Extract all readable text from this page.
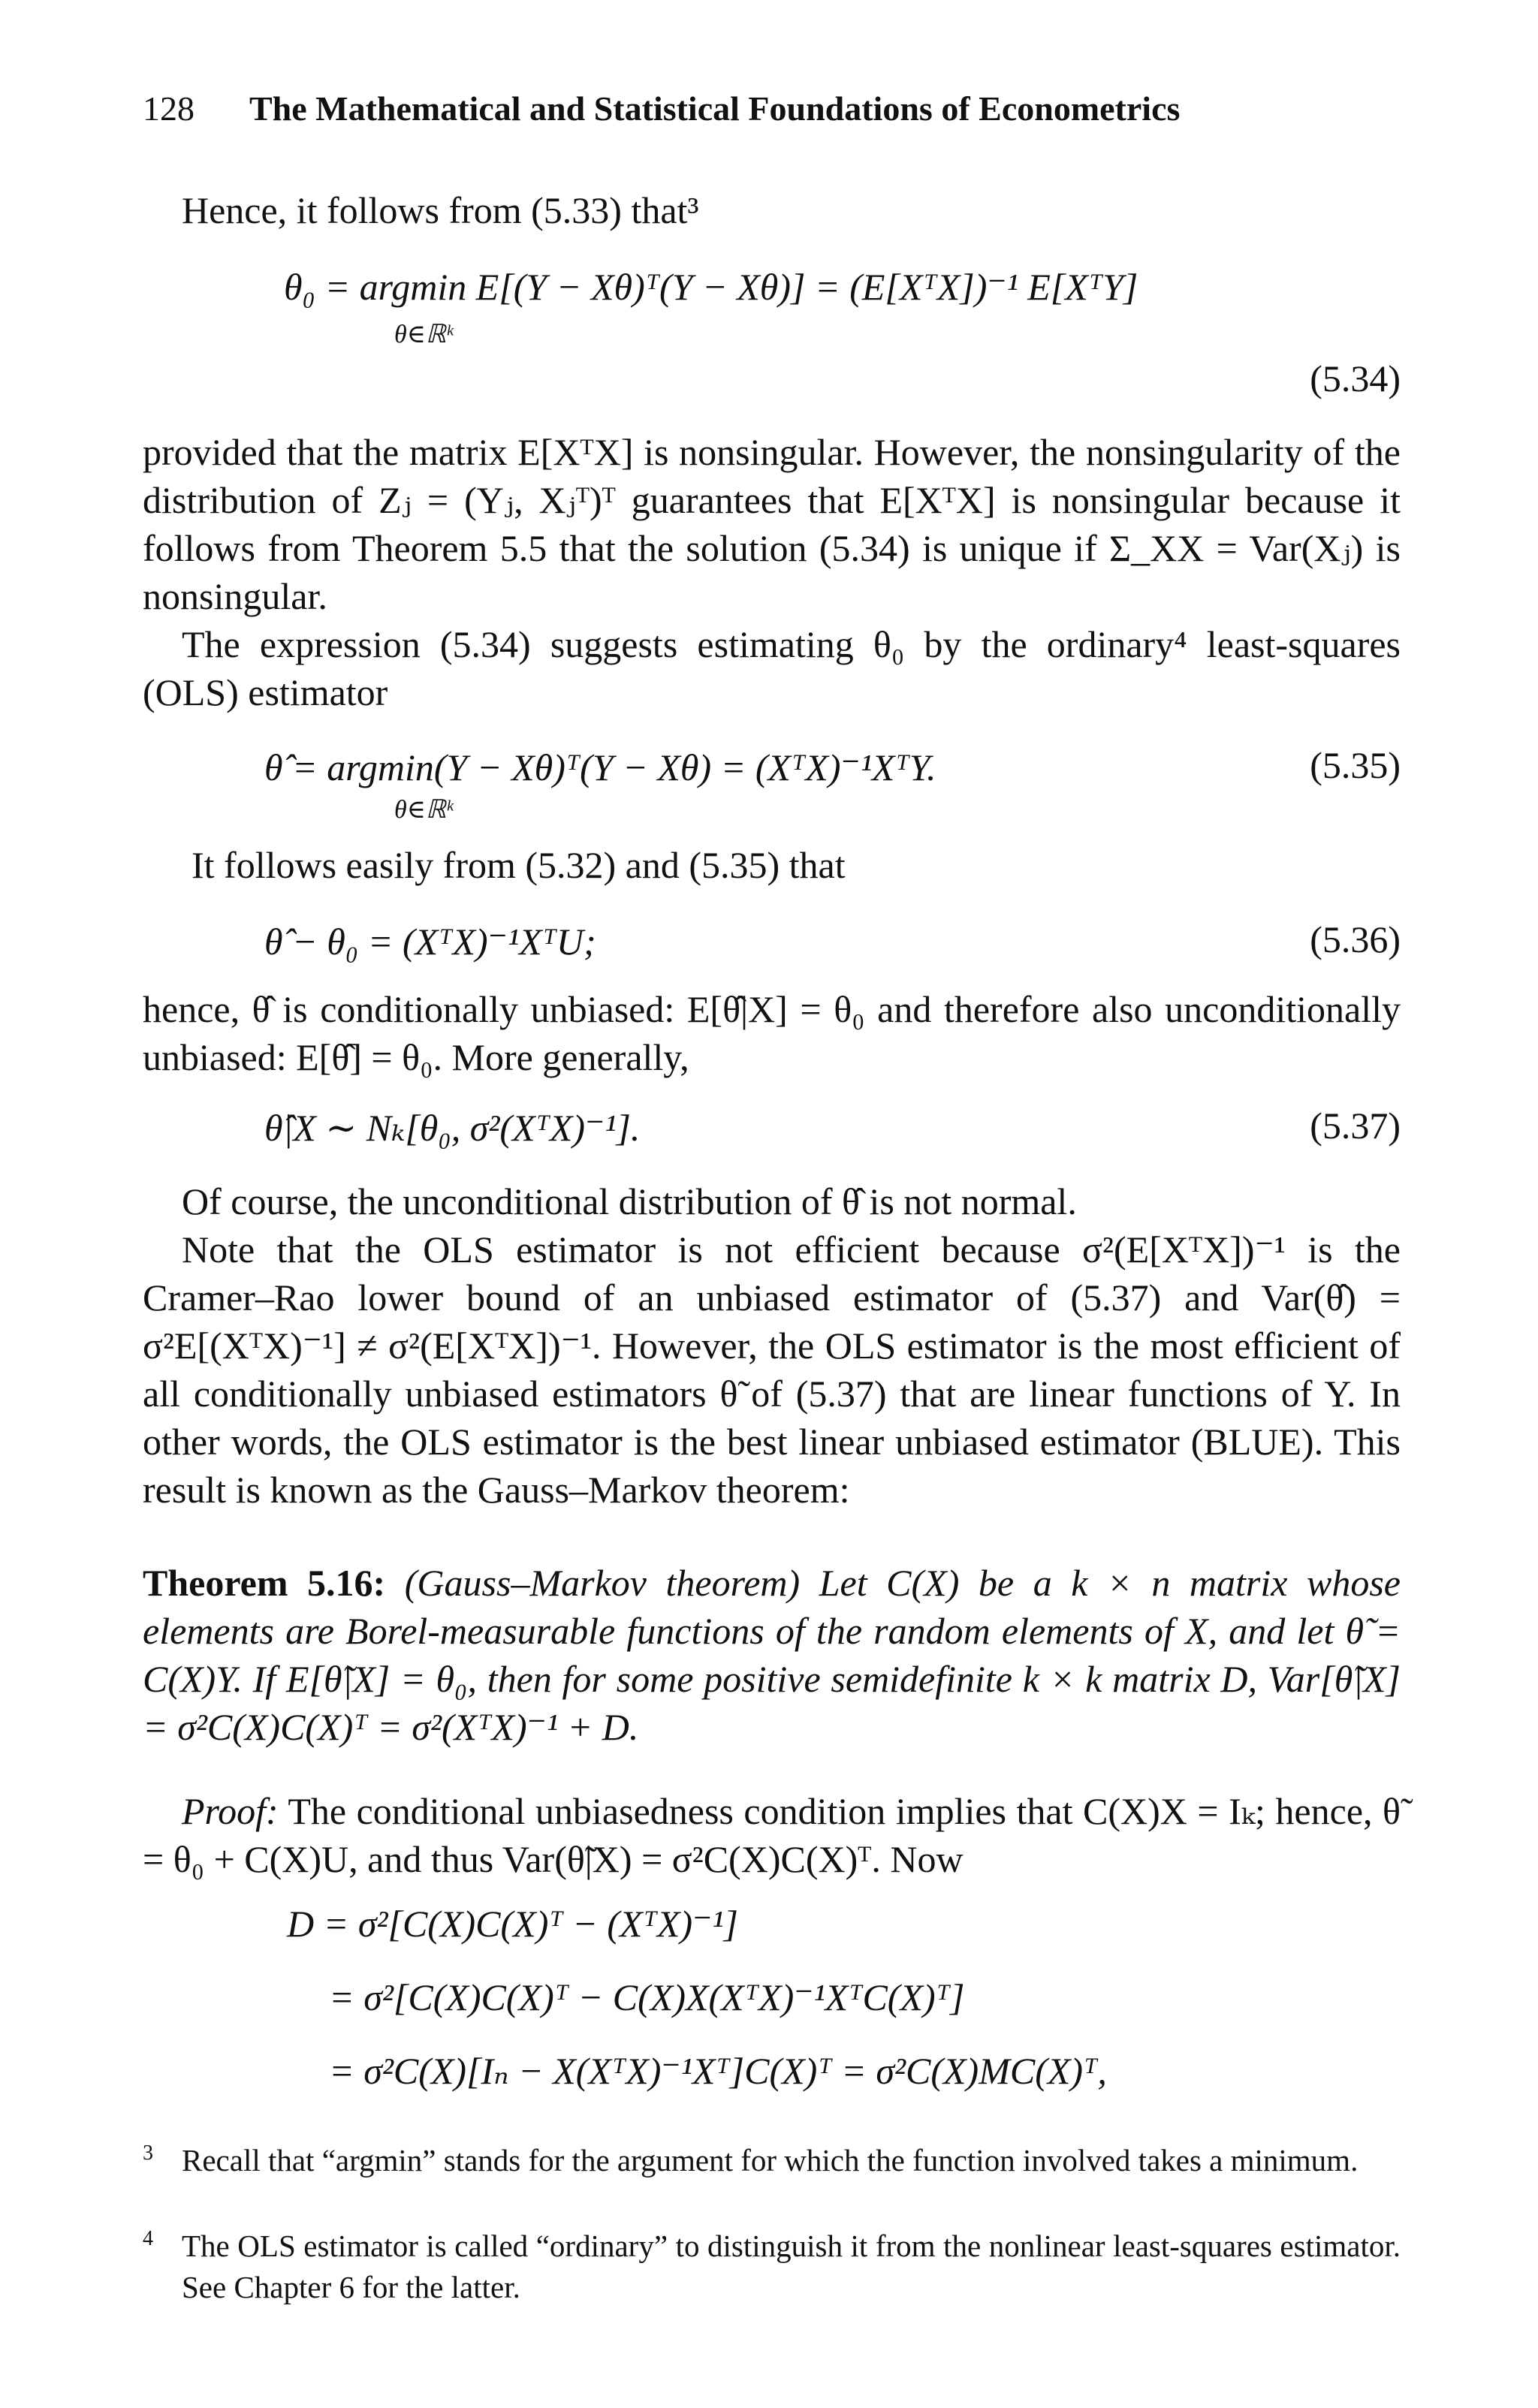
128 The Mathematical and Statistical Foundations of Econometrics
Hence, it follows from (5.33) that³
θ₀ = argmin E[(Y − Xθ)ᵀ(Y − Xθ)] = (E[XᵀX])⁻¹ E[XᵀY]
θ∈ℝᵏ
(5.34)
provided that the matrix E[XᵀX] is nonsingular. However, the nonsingularity of the distribution of Zⱼ = (Yⱼ, Xⱼᵀ)ᵀ guarantees that E[XᵀX] is nonsingular because it follows from Theorem 5.5 that the solution (5.34) is unique if Σ_XX = Var(Xⱼ) is nonsingular.
The expression (5.34) suggests estimating θ₀ by the ordinary⁴ least-squares (OLS) estimator
θ̂ = argmin(Y − Xθ)ᵀ(Y − Xθ) = (XᵀX)⁻¹XᵀY.
θ∈ℝᵏ
(5.35)
It follows easily from (5.32) and (5.35) that
θ̂ − θ₀ = (XᵀX)⁻¹XᵀU;	(5.36)
hence, θ̂ is conditionally unbiased: E[θ̂|X] = θ₀ and therefore also unconditionally unbiased: E[θ̂] = θ₀. More generally,
θ̂|X ∼ Nₖ[θ₀, σ²(XᵀX)⁻¹].	(5.37)
Of course, the unconditional distribution of θ̂ is not normal.
Note that the OLS estimator is not efficient because σ²(E[XᵀX])⁻¹ is the Cramer–Rao lower bound of an unbiased estimator of (5.37) and Var(θ̂) = σ²E[(XᵀX)⁻¹] ≠ σ²(E[XᵀX])⁻¹. However, the OLS estimator is the most efficient of all conditionally unbiased estimators θ̃ of (5.37) that are linear functions of Y. In other words, the OLS estimator is the best linear unbiased estimator (BLUE). This result is known as the Gauss–Markov theorem:
Theorem 5.16: (Gauss–Markov theorem) Let C(X) be a k × n matrix whose elements are Borel-measurable functions of the random elements of X, and let θ̃ = C(X)Y. If E[θ̃|X] = θ₀, then for some positive semidefinite k × k matrix D, Var[θ̃|X] = σ²C(X)C(X)ᵀ = σ²(XᵀX)⁻¹ + D.
Proof: The conditional unbiasedness condition implies that C(X)X = Iₖ; hence, θ̃ = θ₀ + C(X)U, and thus Var(θ̃|X) = σ²C(X)C(X)ᵀ. Now
D = σ²[C(X)C(X)ᵀ − (XᵀX)⁻¹]
= σ²[C(X)C(X)ᵀ − C(X)X(XᵀX)⁻¹XᵀC(X)ᵀ]
= σ²C(X)[Iₙ − X(XᵀX)⁻¹Xᵀ]C(X)ᵀ = σ²C(X)MC(X)ᵀ,
3 Recall that “argmin” stands for the argument for which the function involved takes a minimum.
4 The OLS estimator is called “ordinary” to distinguish it from the nonlinear least-squares estimator. See Chapter 6 for the latter.
